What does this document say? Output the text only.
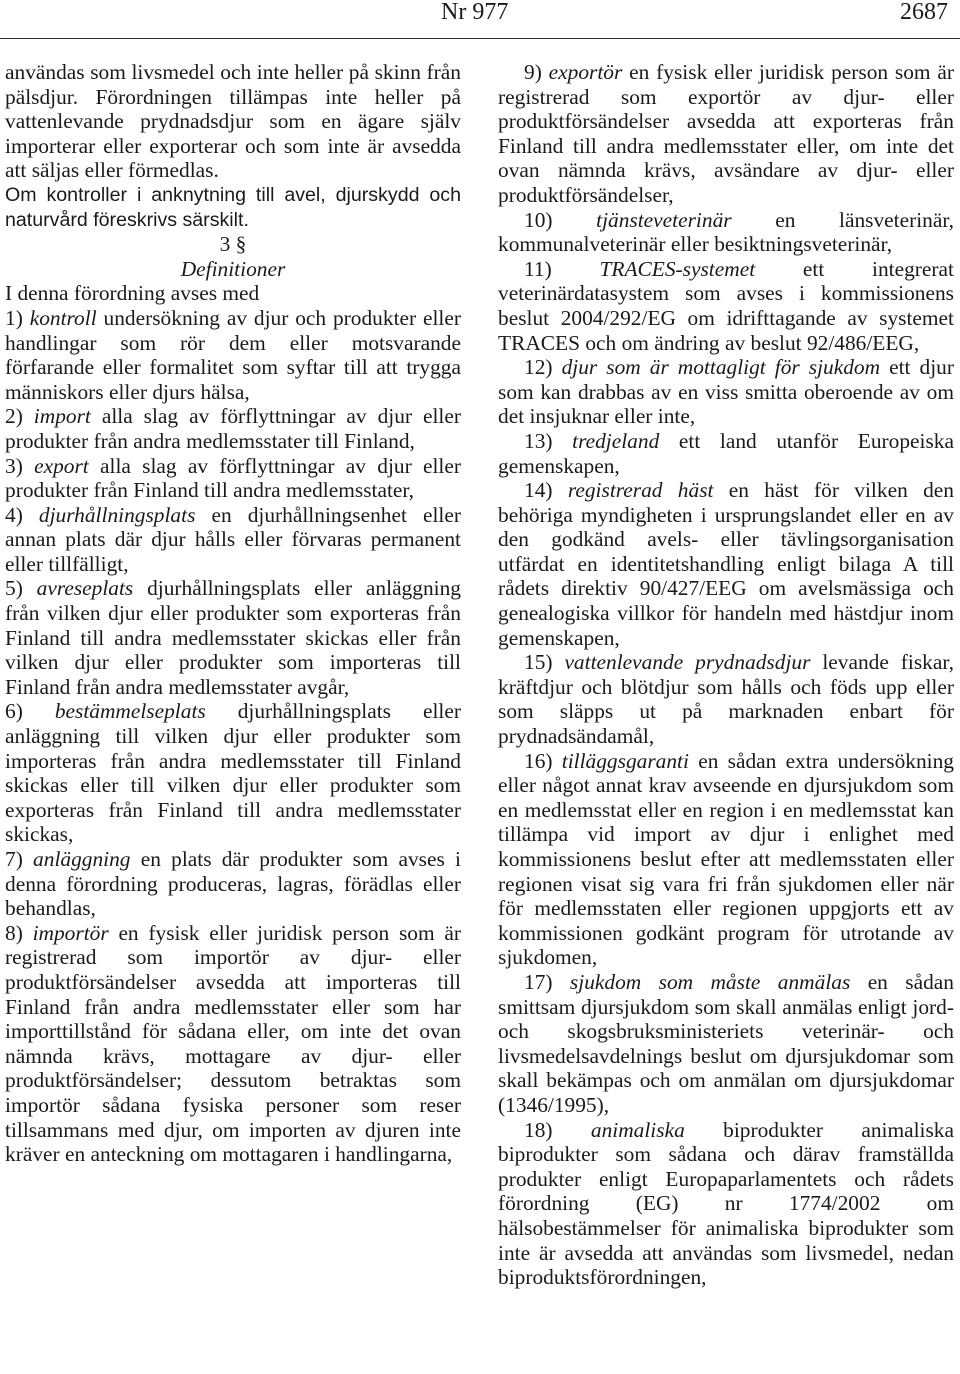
Nr 977	2687

användas som livsmedel och inte heller på skinn från pälsdjur. Förordningen tillämpas inte heller på vattenlevande prydnadsdjur som en ägare själv importerar eller exporterar och som inte är avsedda att säljas eller förmedlas.

Om kontroller i anknytning till avel, djurskydd och naturvård föreskrivs särskilt.

3 §

Definitioner

I denna förordning avses med

1) kontroll undersökning av djur och produkter eller handlingar som rör dem eller motsvarande förfarande eller formalitet som syftar till att trygga människors eller djurs hälsa,

2) import alla slag av förflyttningar av djur eller produkter från andra medlemsstater till Finland,

3) export alla slag av förflyttningar av djur eller produkter från Finland till andra medlemsstater,

4) djurhållningsplats en djurhållningsenhet eller annan plats där djur hålls eller förvaras permanent eller tillfälligt,

5) avreseplats djurhållningsplats eller anläggning från vilken djur eller produkter som exporteras från Finland till andra medlemsstater skickas eller från vilken djur eller produkter som importeras till Finland från andra medlemsstater avgår,

6) bestämmelseplats djurhållningsplats eller anläggning till vilken djur eller produkter som importeras från andra medlemsstater till Finland skickas eller till vilken djur eller produkter som exporteras från Finland till andra medlemsstater skickas,

7) anläggning en plats där produkter som avses i denna förordning produceras, lagras, förädlas eller behandlas,

8) importör en fysisk eller juridisk person som är registrerad som importör av djur- eller produktförsändelser avsedda att importeras till Finland från andra medlemsstater eller som har importtillstånd för sådana eller, om inte det ovan nämnda krävs, mottagare av djur- eller produktförsändelser; dessutom betraktas som importör sådana fysiska personer som reser tillsammans med djur, om importen av djuren inte kräver en anteckning om mottagaren i handlingarna,

9) exportör en fysisk eller juridisk person som är registrerad som exportör av djur- eller produktförsändelser avsedda att exporteras från Finland till andra medlemsstater eller, om inte det ovan nämnda krävs, avsändare av djur- eller produktförsändelser,

10) tjänsteveterinär en länsveterinär, kommunalveterinär eller besiktningsveterinär,

11) TRACES-systemet ett integrerat veterinärdatasystem som avses i kommissionens beslut 2004/292/EG om idrifttagande av systemet TRACES och om ändring av beslut 92/486/EEG,

12) djur som är mottagligt för sjukdom ett djur som kan drabbas av en viss smitta oberoende av om det insjuknar eller inte,

13) tredjeland ett land utanför Europeiska gemenskapen,

14) registrerad häst en häst för vilken den behöriga myndigheten i ursprungslandet eller en av den godkänd avels- eller tävlingsorganisation utfärdat en identitetshandling enligt bilaga A till rådets direktiv 90/427/EEG om avelsmässiga och genealogiska villkor för handeln med hästdjur inom gemenskapen,

15) vattenlevande prydnadsdjur levande fiskar, kräftdjur och blötdjur som hålls och föds upp eller som släpps ut på marknaden enbart för prydnadsändamål,

16) tilläggsgaranti en sådan extra undersökning eller något annat krav avseende en djursjukdom som en medlemsstat eller en region i en medlemsstat kan tillämpa vid import av djur i enlighet med kommissionens beslut efter att medlemsstaten eller regionen visat sig vara fri från sjukdomen eller när för medlemsstaten eller regionen uppgjorts ett av kommissionen godkänt program för utrotande av sjukdomen,

17) sjukdom som måste anmälas en sådan smittsam djursjukdom som skall anmälas enligt jord- och skogsbruksministeriets veterinär- och livsmedelsavdelnings beslut om djursjukdomar som skall bekämpas och om anmälan om djursjukdomar (1346/1995),

18) animaliska biprodukter animaliska biprodukter som sådana och därav framställda produkter enligt Europaparlamentets och rådets förordning (EG) nr 1774/2002 om hälsobestämmelser för animaliska biprodukter som inte är avsedda att användas som livsmedel, nedan biproduktsförordningen,
